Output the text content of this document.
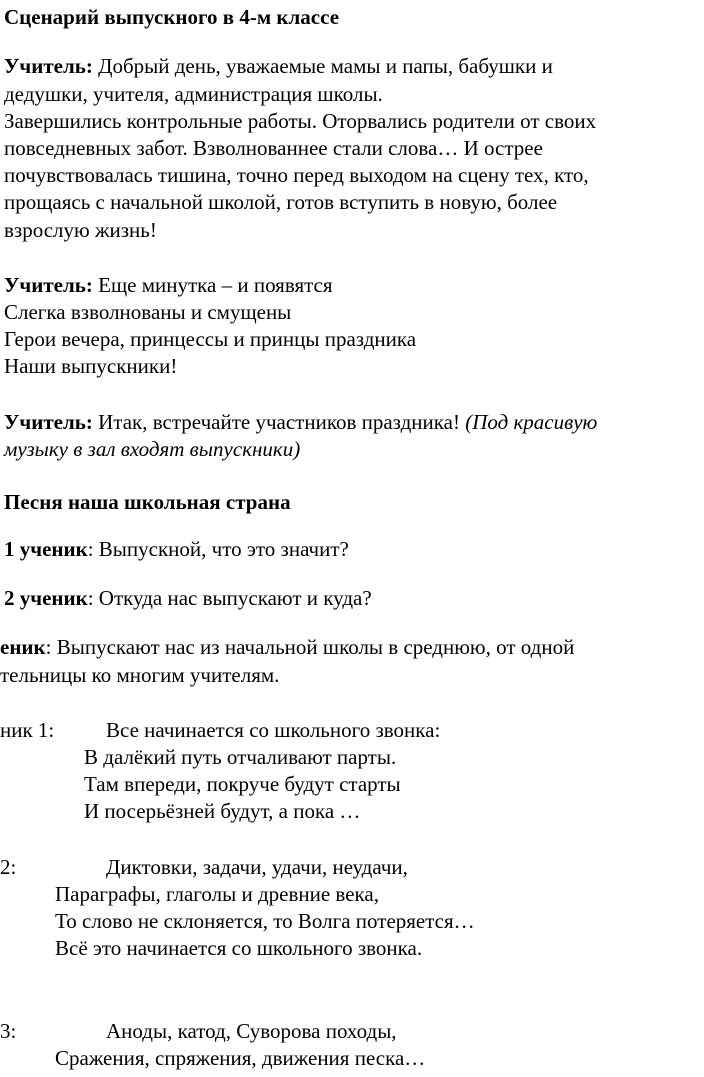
Сценарий выпускного в 4-м классе
Учитель: Добрый день, уважаемые мамы и папы, бабушки и
дедушки, учителя, администрация школы.
Завершились контрольные работы. Оторвались родители от своих
повседневных забот. Взволнованнее стали слова… И острее
почувствовалась тишина, точно перед выходом на сцену тех, кто,
прощаясь с начальной школой, готов вступить в новую, более
взрослую жизнь!
Учитель: Еще минутка – и появятся
Слегка взволнованы и смущены
Герои вечера, принцессы и принцы праздника
Наши выпускники!
Учитель: Итак, встречайте участников праздника! (Под красивую
музыку в зал входят выпускники)
Песня наша школьная страна
1 ученик: Выпускной, что это значит?
2 ученик: Откуда нас выпускают и куда?
еник: Выпускают нас из начальной школы в среднюю, от одной
тельницы ко многим учителям.
ник 1: Все начинается со школьного звонка:
В далёкий путь отчаливают парты.
Там впереди, покруче будут старты
И посерьёзней будут, а пока …
2:	Диктовки, задачи, удачи, неудачи,
Параграфы, глаголы и древние века,
То слово не склоняется, то Волга потеряется…
Всё это начинается со школьного звонка.
3:	Аноды, катод, Суворова походы,
Сражения, спряжения, движения песка…
